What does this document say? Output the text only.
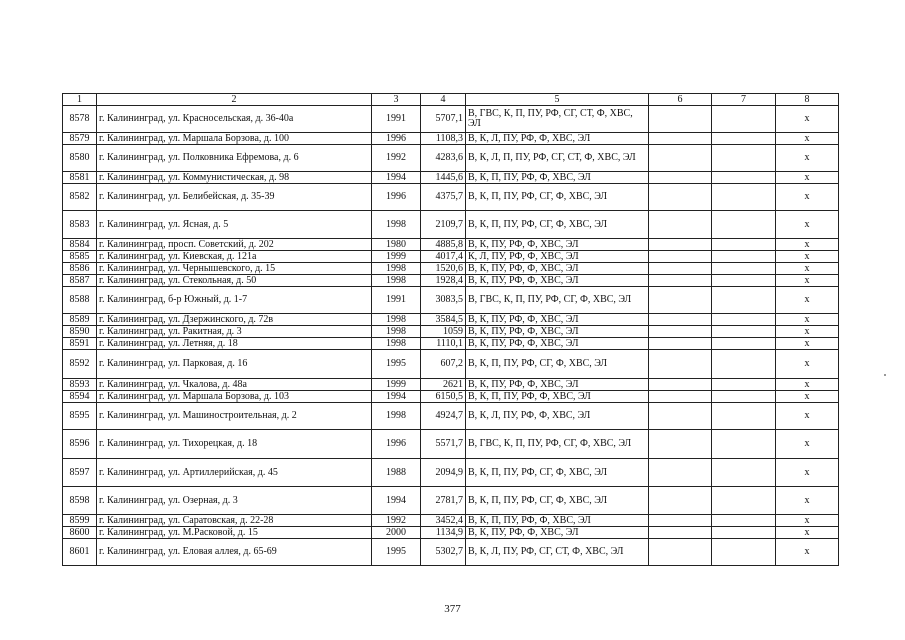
1	2	3	4	5	6	7	8
8578	г. Калининград, ул. Красносельская, д. 36-40а	1991	5707,1	В, ГВС, К, П, ПУ, РФ, СГ, СТ, Ф, ХВС, ЭЛ			х
8579	г. Калининград, ул. Маршала Борзова, д. 100	1996	1108,3	В, К, Л, ПУ, РФ, Ф, ХВС, ЭЛ			х
8580	г. Калининград, ул. Полковника Ефремова, д. 6	1992	4283,6	В, К, Л, П, ПУ, РФ, СГ, СТ, Ф, ХВС, ЭЛ			х
8581	г. Калининград, ул. Коммунистическая, д. 98	1994	1445,6	В, К, П, ПУ, РФ, Ф, ХВС, ЭЛ			х
8582	г. Калининград, ул. Белибейская, д. 35-39	1996	4375,7	В, К, П, ПУ, РФ, СГ, Ф, ХВС, ЭЛ			х
8583	г. Калининград, ул. Ясная, д. 5	1998	2109,7	В, К, П, ПУ, РФ, СГ, Ф, ХВС, ЭЛ			х
8584	г. Калининград, просп. Советский, д. 202	1980	4885,8	В, К, ПУ, РФ, Ф, ХВС, ЭЛ			х
8585	г. Калининград, ул. Киевская, д. 121а	1999	4017,4	К, Л, ПУ, РФ, Ф, ХВС, ЭЛ			х
8586	г. Калининград, ул. Чернышевского, д. 15	1998	1520,6	В, К, ПУ, РФ, Ф, ХВС, ЭЛ			х
8587	г. Калининград, ул. Стекольная, д. 50	1998	1928,4	В, К, ПУ, РФ, Ф, ХВС, ЭЛ			х
8588	г. Калининград, б-р Южный, д. 1-7	1991	3083,5	В, ГВС, К, П, ПУ, РФ, СГ, Ф, ХВС, ЭЛ			х
8589	г. Калининград, ул. Дзержинского, д. 72в	1998	3584,5	В, К, ПУ, РФ, Ф, ХВС, ЭЛ			х
8590	г. Калининград, ул. Ракитная, д. 3	1998	1059	В, К, ПУ, РФ, Ф, ХВС, ЭЛ			х
8591	г. Калининград, ул. Летняя, д. 18	1998	1110,1	В, К, ПУ, РФ, Ф, ХВС, ЭЛ			х
8592	г. Калининград, ул. Парковая, д. 16	1995	607,2	В, К, П, ПУ, РФ, СГ, Ф, ХВС, ЭЛ			х
8593	г. Калининград, ул. Чкалова, д. 48а	1999	2621	В, К, ПУ, РФ, Ф, ХВС, ЭЛ			х
8594	г. Калининград, ул. Маршала Борзова, д. 103	1994	6150,5	В, К, П, ПУ, РФ, Ф, ХВС, ЭЛ			х
8595	г. Калининград, ул. Машиностроительная, д. 2	1998	4924,7	В, К, Л, ПУ, РФ, Ф, ХВС, ЭЛ			х
8596	г. Калининград, ул. Тихорецкая, д. 18	1996	5571,7	В, ГВС, К, П, ПУ, РФ, СГ, Ф, ХВС, ЭЛ			х
8597	г. Калининград, ул. Артиллерийская, д. 45	1988	2094,9	В, К, П, ПУ, РФ, СГ, Ф, ХВС, ЭЛ			х
8598	г. Калининград, ул. Озерная, д. 3	1994	2781,7	В, К, П, ПУ, РФ, СГ, Ф, ХВС, ЭЛ			х
8599	г. Калининград, ул. Саратовская, д. 22-28	1992	3452,4	В, К, П, ПУ, РФ, Ф, ХВС, ЭЛ			х
8600	г. Калининград, ул. М.Расковой, д. 15	2000	1134,9	В, К, ПУ, РФ, Ф, ХВС, ЭЛ			х
8601	г. Калининград, ул. Еловая аллея, д. 65-69	1995	5302,7	В, К, Л, ПУ, РФ, СГ, СТ, Ф, ХВС, ЭЛ			х
377
